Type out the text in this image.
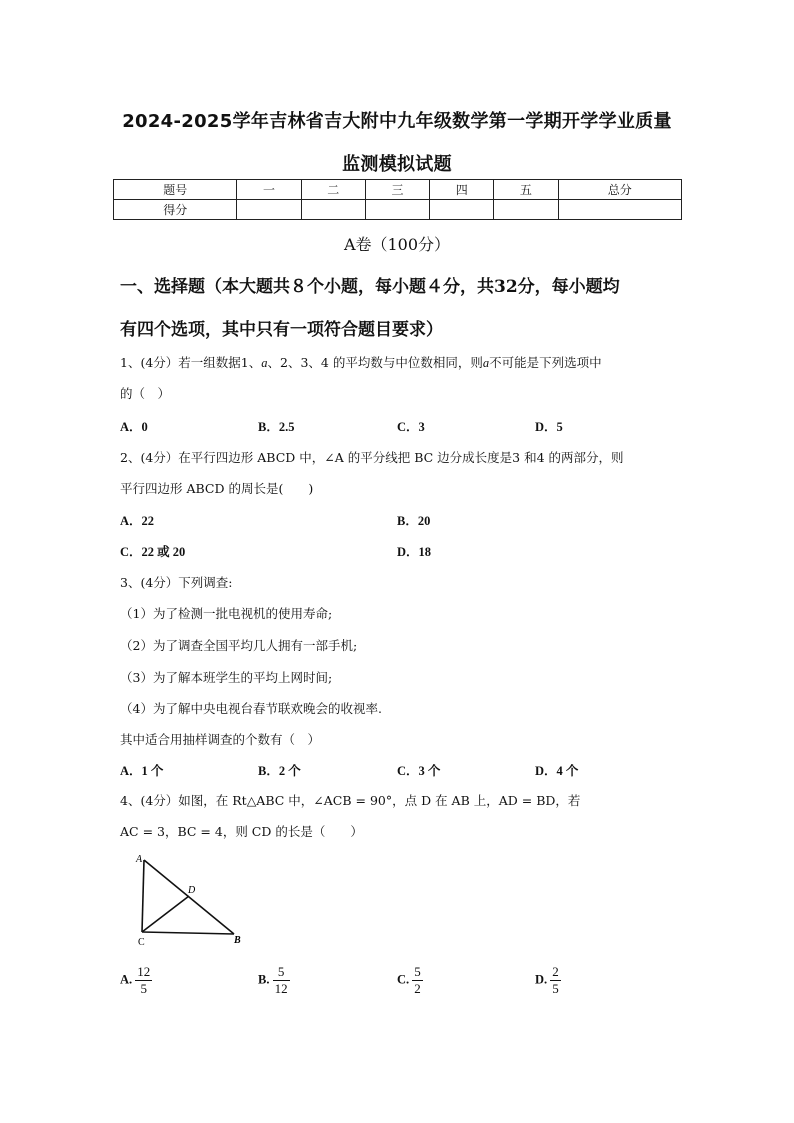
2024-2025学年吉林省吉大附中九年级数学第一学期开学学业质量
监测模拟试题
题号	一	二	三	四	五	总分
得分						
A卷（100分）
一、选择题（本大题共８个小题，每小题４分，共32分，每小题均
有四个选项，其中只有一项符合题目要求）
1、(4分）若一组数据1、a、2、3、4 的平均数与中位数相同，则a不可能是下列选项中
的（　）
A．0	B．2.5	C．3	D．5
2、(4分）在平行四边形 ABCD 中，∠A 的平分线把 BC 边分成长度是3 和4 的两部分，则
平行四边形 ABCD 的周长是(　　)
A．22	B．20
C．22 或 20	D．18
3、(4分）下列调查:
（1）为了检测一批电视机的使用寿命;
（2）为了调查全国平均几人拥有一部手机;
（3）为了解本班学生的平均上网时间;
（4）为了解中央电视台春节联欢晚会的收视率.
其中适合用抽样调查的个数有（　）
A．1 个	B．2 个	C．3 个	D．4 个
4、(4分）如图，在 Rt△ABC 中，∠ACB = 90°，点 D 在 AB 上，AD = BD，若
AC = 3，BC = 4，则 CD 的长是（　　）
A
D
C	B
A. $\frac{12}{5}$	B. $\frac{5}{12}$	C. $\frac{5}{2}$	D. $\frac{2}{5}$
